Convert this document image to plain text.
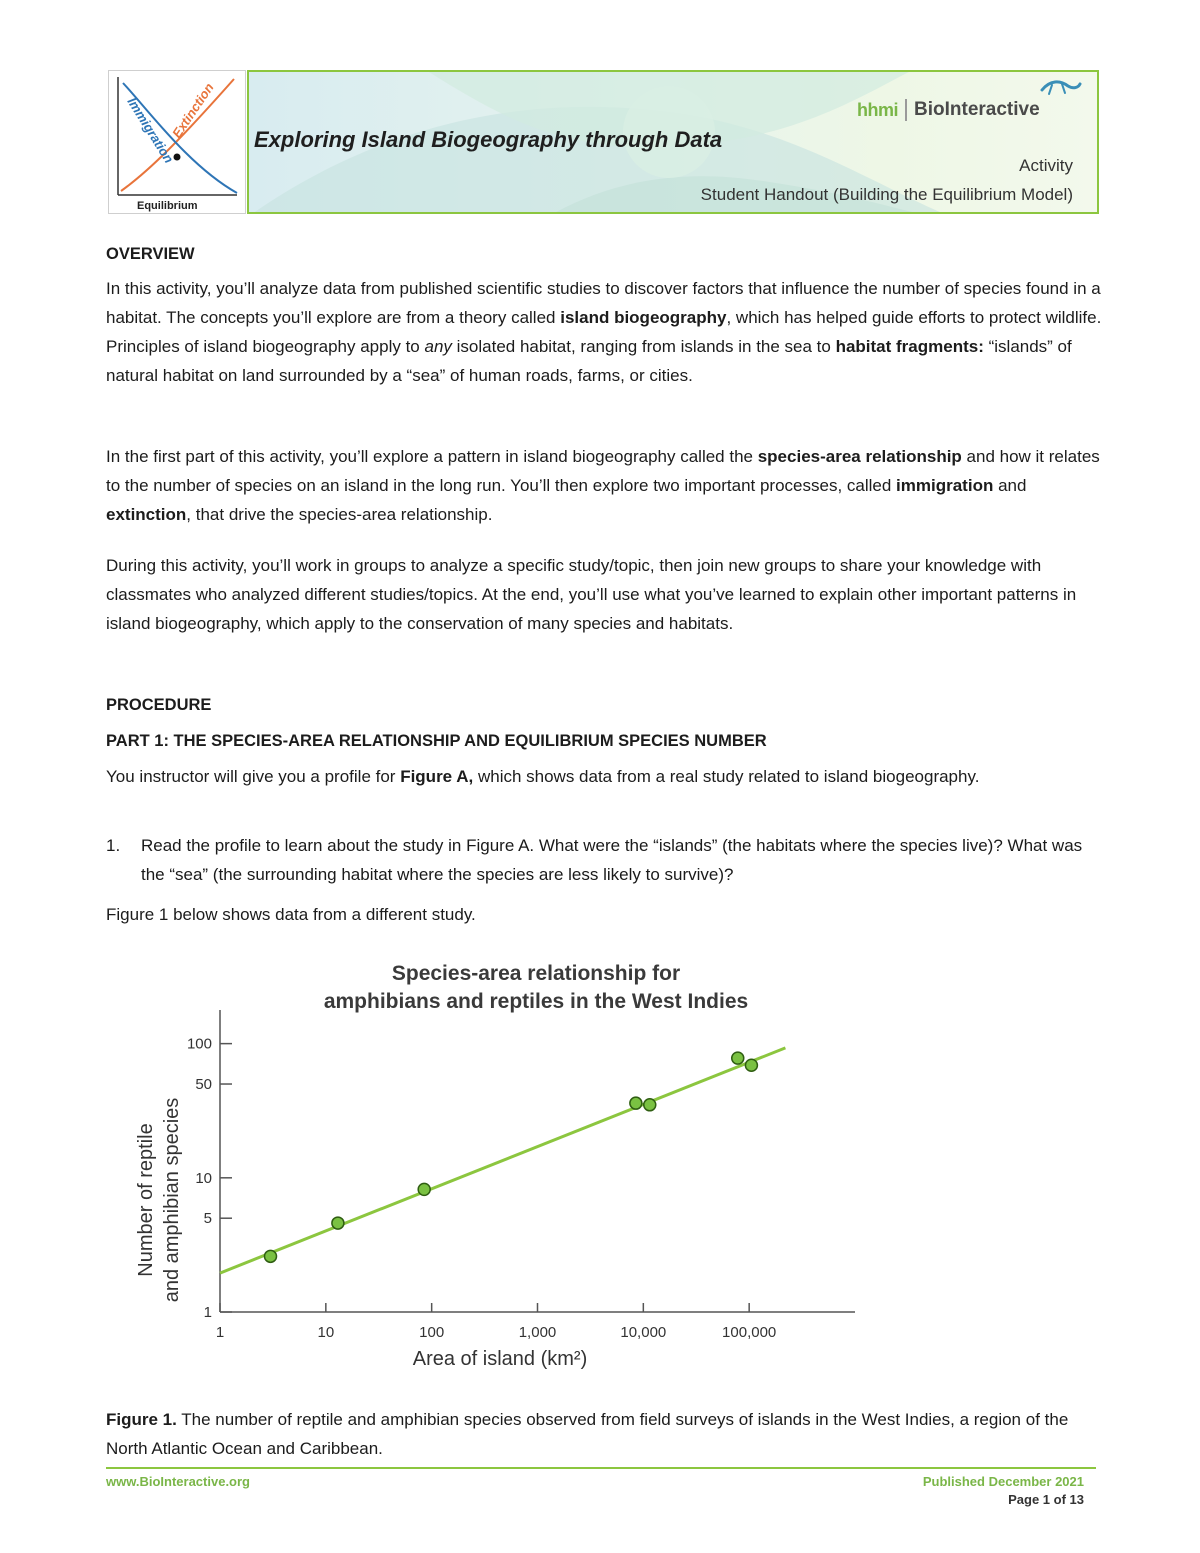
Immigration
Extinction
Equilibrium
hhmi BioInteractive
Exploring Island Biogeography through Data
Activity
Student Handout (Building the Equilibrium Model)
OVERVIEW

In this activity, you’ll analyze data from published scientific studies to discover factors that influence the number of species found in a habitat. The concepts you’ll explore are from a theory called island biogeography, which has helped guide efforts to protect wildlife. Principles of island biogeography apply to any isolated habitat, ranging from islands in the sea to habitat fragments: “islands” of natural habitat on land surrounded by a “sea” of human roads, farms, or cities.

In the first part of this activity, you’ll explore a pattern in island biogeography called the species-area relationship and how it relates to the number of species on an island in the long run. You’ll then explore two important processes, called immigration and extinction, that drive the species-area relationship.

During this activity, you’ll work in groups to analyze a specific study/topic, then join new groups to share your knowledge with classmates who analyzed different studies/topics. At the end, you’ll use what you’ve learned to explain other important patterns in island biogeography, which apply to the conservation of many species and habitats.
PROCEDURE
PART 1: THE SPECIES-AREA RELATIONSHIP AND EQUILIBRIUM SPECIES NUMBER

You instructor will give you a profile for Figure A, which shows data from a real study related to island biogeography.

1. Read the profile to learn about the study in Figure A. What were the “islands” (the habitats where the species live)? What was the “sea” (the surrounding habitat where the species are less likely to survive)?
Figure 1 below shows data from a different study.
Species-area relationship for
amphibians and reptiles in the West Indies
1	10	100	1,000	10,000	100,000
1
5
10
50
100
Area of island (km²)
Number of reptile and amphibian species

Figure 1. The number of reptile and amphibian species observed from field surveys of islands in the West Indies, a region of the North Atlantic Ocean and Caribbean.

www.BioInteractive.org	Published December 2021
Page 1 of 13
